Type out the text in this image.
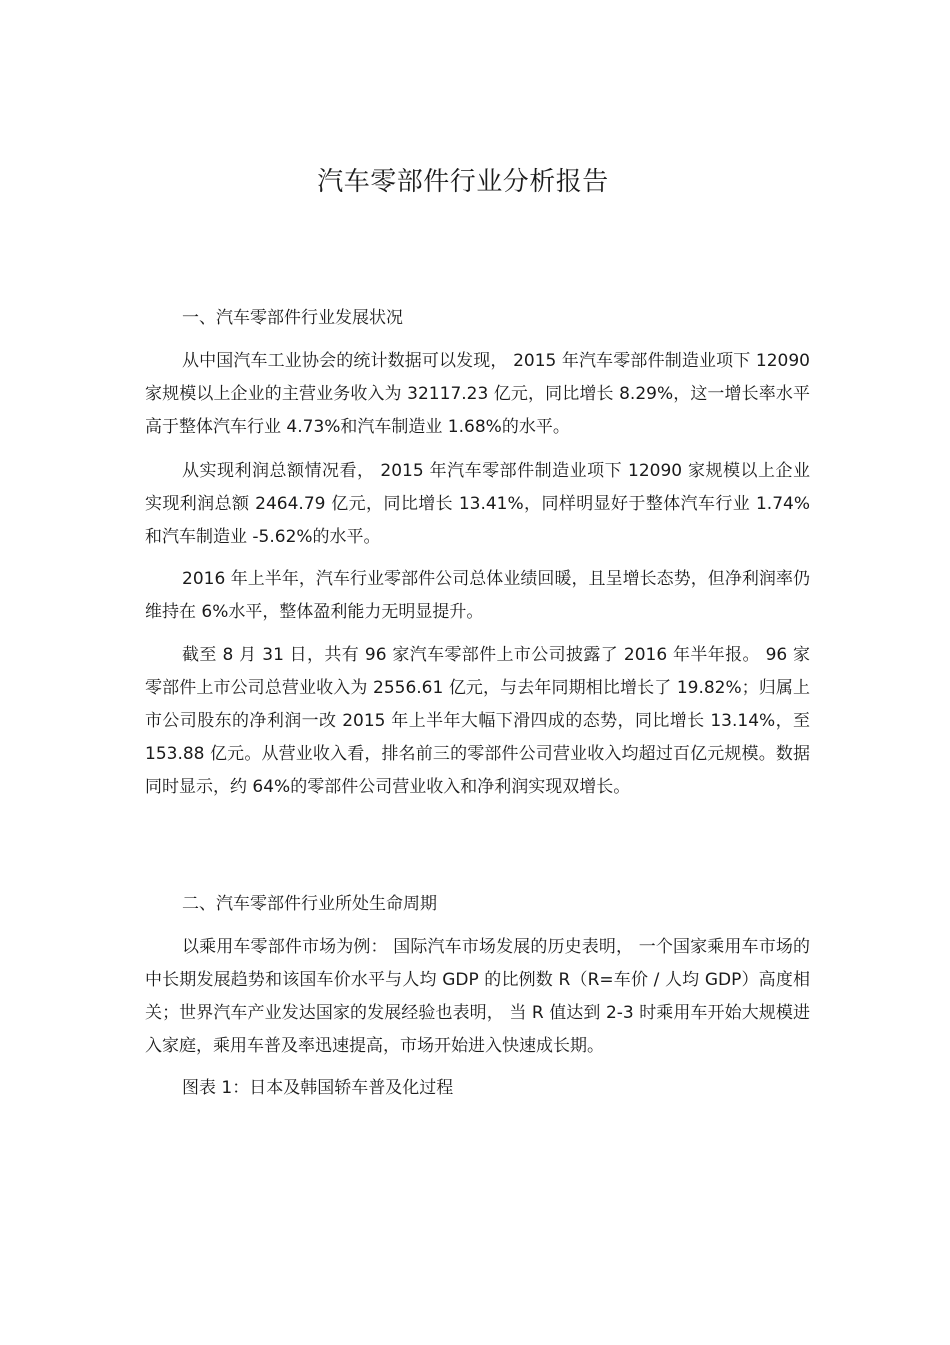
汽车零部件行业分析报告
一、汽车零部件行业发展状况

从中国汽车工业协会的统计数据可以发现， 2015 年汽车零部件制造业项下 12090 家规模以上企业的主营业务收入为 32117.23 亿元，同比增长 8.29%，这一增长率水平高于整体汽车行业 4.73%和汽车制造业 1.68%的水平。

从实现利润总额情况看， 2015 年汽车零部件制造业项下 12090 家规模以上企业实现利润总额 2464.79 亿元，同比增长 13.41%，同样明显好于整体汽车行业 1.74%和汽车制造业 -5.62%的水平。

2016 年上半年，汽车行业零部件公司总体业绩回暖，且呈增长态势，但净利润率仍维持在 6%水平，整体盈利能力无明显提升。

截至 8 月 31 日，共有 96 家汽车零部件上市公司披露了 2016 年半年报。 96 家零部件上市公司总营业收入为 2556.61 亿元，与去年同期相比增长了 19.82%；归属上市公司股东的净利润一改 2015 年上半年大幅下滑四成的态势，同比增长 13.14%，至 153.88 亿元。从营业收入看，排名前三的零部件公司营业收入均超过百亿元规模。数据同时显示，约 64%的零部件公司营业收入和净利润实现双增长。

二、汽车零部件行业所处生命周期

以乘用车零部件市场为例： 国际汽车市场发展的历史表明， 一个国家乘用车市场的中长期发展趋势和该国车价水平与人均 GDP 的比例数 R（R=车价 / 人均 GDP）高度相关；世界汽车产业发达国家的发展经验也表明， 当 R 值达到 2-3 时乘用车开始大规模进入家庭，乘用车普及率迅速提高，市场开始进入快速成长期。

图表 1：日本及韩国轿车普及化过程
